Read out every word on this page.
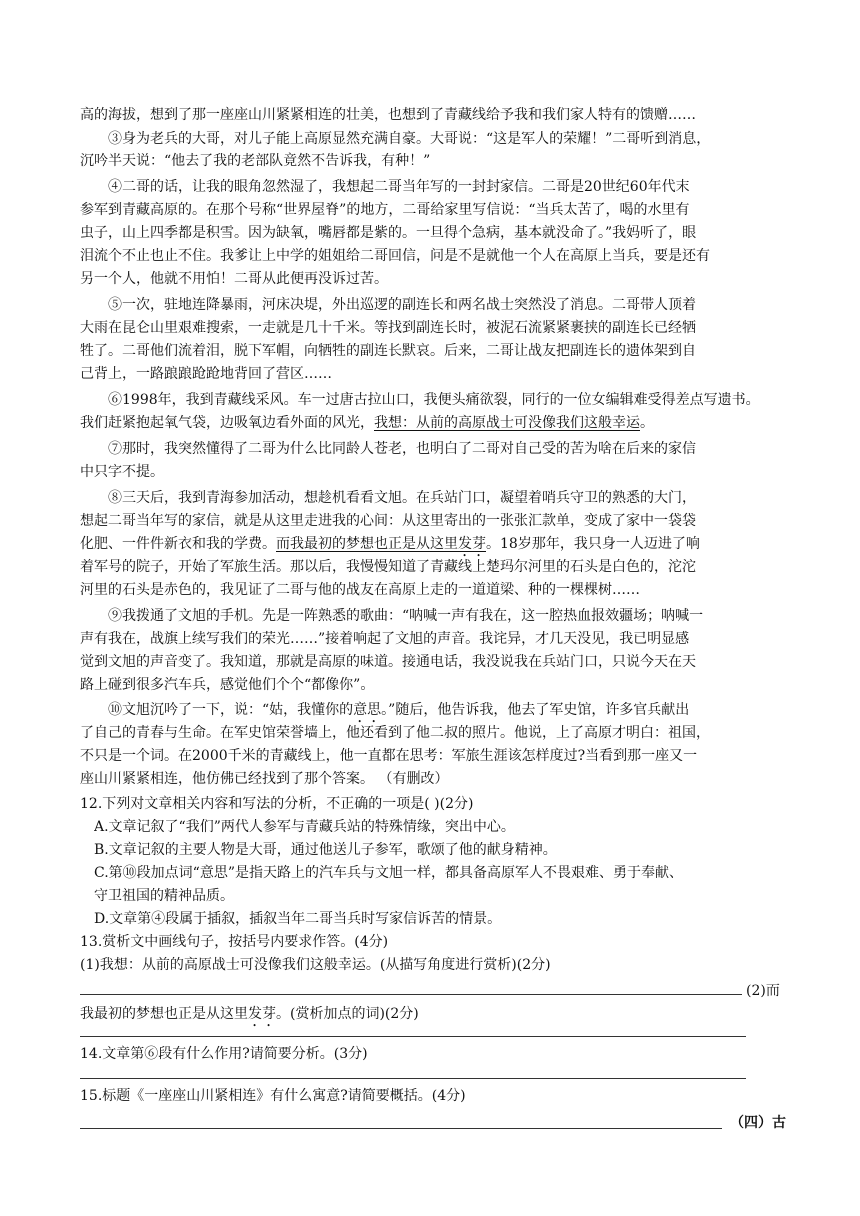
高的海拔，想到了那一座座山川紧紧相连的壮美，也想到了青藏线给予我和我们家人特有的馈赠……
③身为老兵的大哥，对儿子能上高原显然充满自豪。大哥说：“这是军人的荣耀！”二哥听到消息，
沉吟半天说：“他去了我的老部队竟然不告诉我，有种！”
④二哥的话，让我的眼角忽然湿了，我想起二哥当年写的一封封家信。二哥是20世纪60年代末
参军到青藏高原的。在那个号称“世界屋脊”的地方，二哥给家里写信说：“当兵太苦了，喝的水里有
虫子，山上四季都是积雪。因为缺氧，嘴唇都是紫的。一旦得个急病，基本就没命了。”我妈听了，眼
泪流个不止也止不住。我爹让上中学的姐姐给二哥回信，问是不是就他一个人在高原上当兵，要是还有
另一个人，他就不用怕！二哥从此便再没诉过苦。
⑤一次，驻地连降暴雨，河床决堤，外出巡逻的副连长和两名战士突然没了消息。二哥带人顶着
大雨在昆仑山里艰难搜索，一走就是几十千米。等找到副连长时，被泥石流紧紧裹挟的副连长已经牺
牲了。二哥他们流着泪，脱下军帽，向牺牲的副连长默哀。后来，二哥让战友把副连长的遗体架到自
己背上，一路踉踉跄跄地背回了营区……
⑥1998年，我到青藏线采风。车一过唐古拉山口，我便头痛欲裂，同行的一位女编辑难受得差点写遗书。
我们赶紧抱起氧气袋，边吸氧边看外面的风光，我想：从前的高原战士可没像我们这般幸运。
⑦那时，我突然懂得了二哥为什么比同龄人苍老，也明白了二哥对自己受的苦为啥在后来的家信
中只字不提。
⑧三天后，我到青海参加活动，想趁机看看文旭。在兵站门口，凝望着哨兵守卫的熟悉的大门，
想起二哥当年写的家信，就是从这里走进我的心间：从这里寄出的一张张汇款单，变成了家中一袋袋
化肥、一件件新衣和我的学费。而我最初的梦想也正是从这里发芽。18岁那年，我只身一人迈进了响
着军号的院子，开始了军旅生活。那以后，我慢慢知道了青藏线上楚玛尔河里的石头是白色的，沱沱
河里的石头是赤色的，我见证了二哥与他的战友在高原上走的一道道梁、种的一棵棵树……
⑨我拨通了文旭的手机。先是一阵熟悉的歌曲：“呐喊一声有我在，这一腔热血报效疆场；呐喊一
声有我在，战旗上续写我们的荣光……”接着响起了文旭的声音。我诧异，才几天没见，我已明显感
觉到文旭的声音变了。我知道，那就是高原的味道。接通电话，我没说我在兵站门口，只说今天在天
路上碰到很多汽车兵，感觉他们个个“都像你”。
⑩文旭沉吟了一下，说：“姑，我懂你的意思。”随后，他告诉我，他去了军史馆，许多官兵献出
了自己的青春与生命。在军史馆荣誉墙上，他还看到了他二叔的照片。他说，上了高原才明白：祖国，
不只是一个词。在2000千米的青藏线上，他一直都在思考：军旅生涯该怎样度过?当看到那一座又一
座山川紧紧相连，他仿佛已经找到了那个答案。 （有删改）
12.下列对文章相关内容和写法的分析，不正确的一项是( )(2分)
A.文章记叙了“我们”两代人参军与青藏兵站的特殊情缘，突出中心。
B.文章记叙的主要人物是大哥，通过他送儿子参军，歌颂了他的献身精神。
C.第⑩段加点词“意思”是指天路上的汽车兵与文旭一样，都具备高原军人不畏艰难、勇于奉献、
守卫祖国的精神品质。
D.文章第④段属于插叙，插叙当年二哥当兵时写家信诉苦的情景。
13.赏析文中画线句子，按括号内要求作答。(4分)
(1)我想：从前的高原战士可没像我们这般幸运。(从描写角度进行赏析)(2分)
(2)而
我最初的梦想也正是从这里发芽。(赏析加点的词)(2分)
14.文章第⑥段有什么作用?请简要分析。(3分)
15.标题《一座座山川紧相连》有什么寓意?请简要概括。(4分)
（四）古
